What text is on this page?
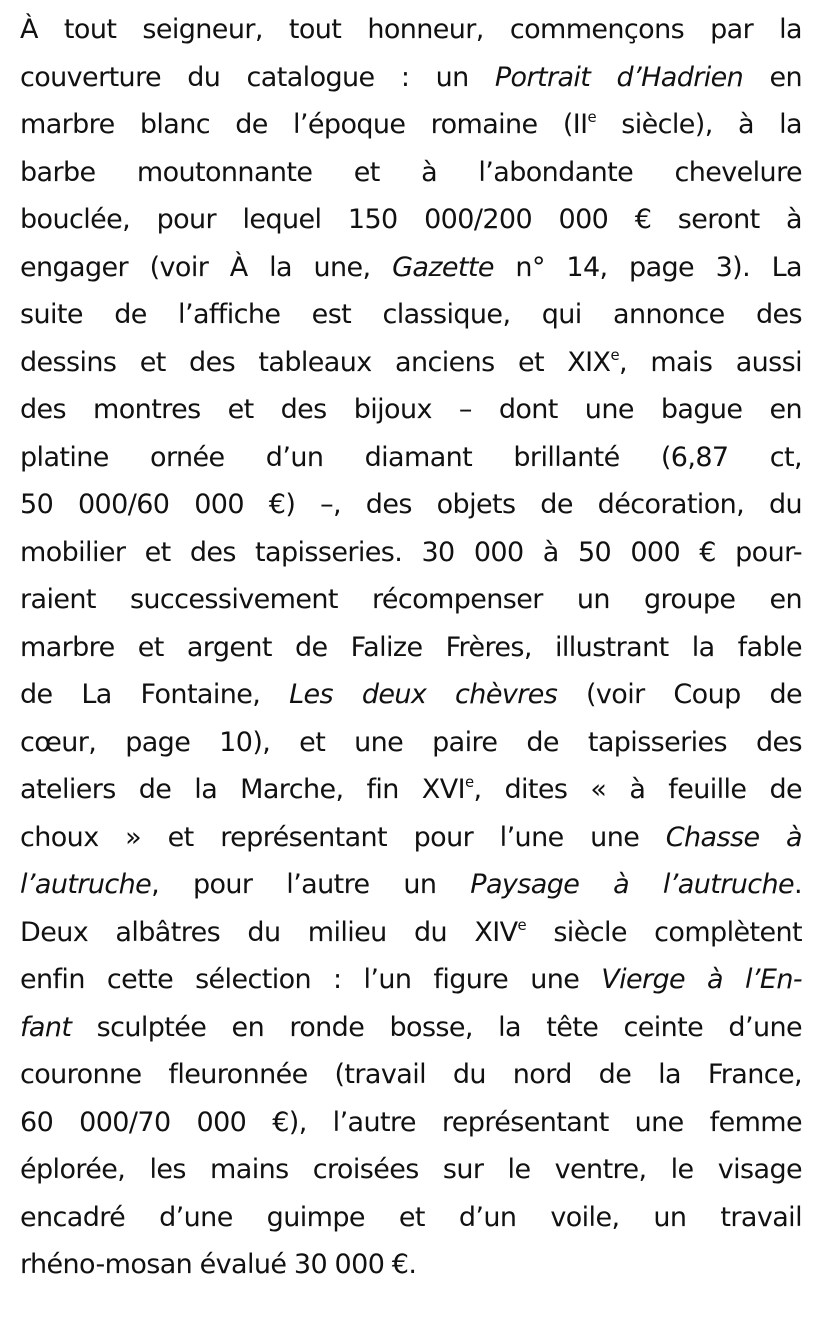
À tout seigneur, tout honneur, commençons par la
couverture du catalogue : un Portrait d’Hadrien en
marbre blanc de l’époque romaine (IIe siècle), à la
barbe moutonnante et à l’abondante chevelure
bouclée, pour lequel 150 000/200 000 € seront à
engager (voir À la une, Gazette n° 14, page 3). La
suite de l’affiche est classique, qui annonce des
dessins et des tableaux anciens et XIXe, mais aussi
des montres et des bijoux – dont une bague en
platine ornée d’un diamant brillanté (6,87 ct,
50 000/60 000 €) –, des objets de décoration, du
mobilier et des tapisseries. 30 000 à 50 000 € pour-
raient successivement récompenser un groupe en
marbre et argent de Falize Frères, illustrant la fable
de La Fontaine, Les deux chèvres (voir Coup de
cœur, page 10), et une paire de tapisseries des
ateliers de la Marche, fin XVIe, dites « à feuille de
choux » et représentant pour l’une une Chasse à
l’autruche, pour l’autre un Paysage à l’autruche.
Deux albâtres du milieu du XIVe siècle complètent
enfin cette sélection : l’un figure une Vierge à l’En-
fant sculptée en ronde bosse, la tête ceinte d’une
couronne fleuronnée (travail du nord de la France,
60 000/70 000 €), l’autre représentant une femme
éplorée, les mains croisées sur le ventre, le visage
encadré d’une guimpe et d’un voile, un travail
rhéno-mosan évalué 30 000 €.
